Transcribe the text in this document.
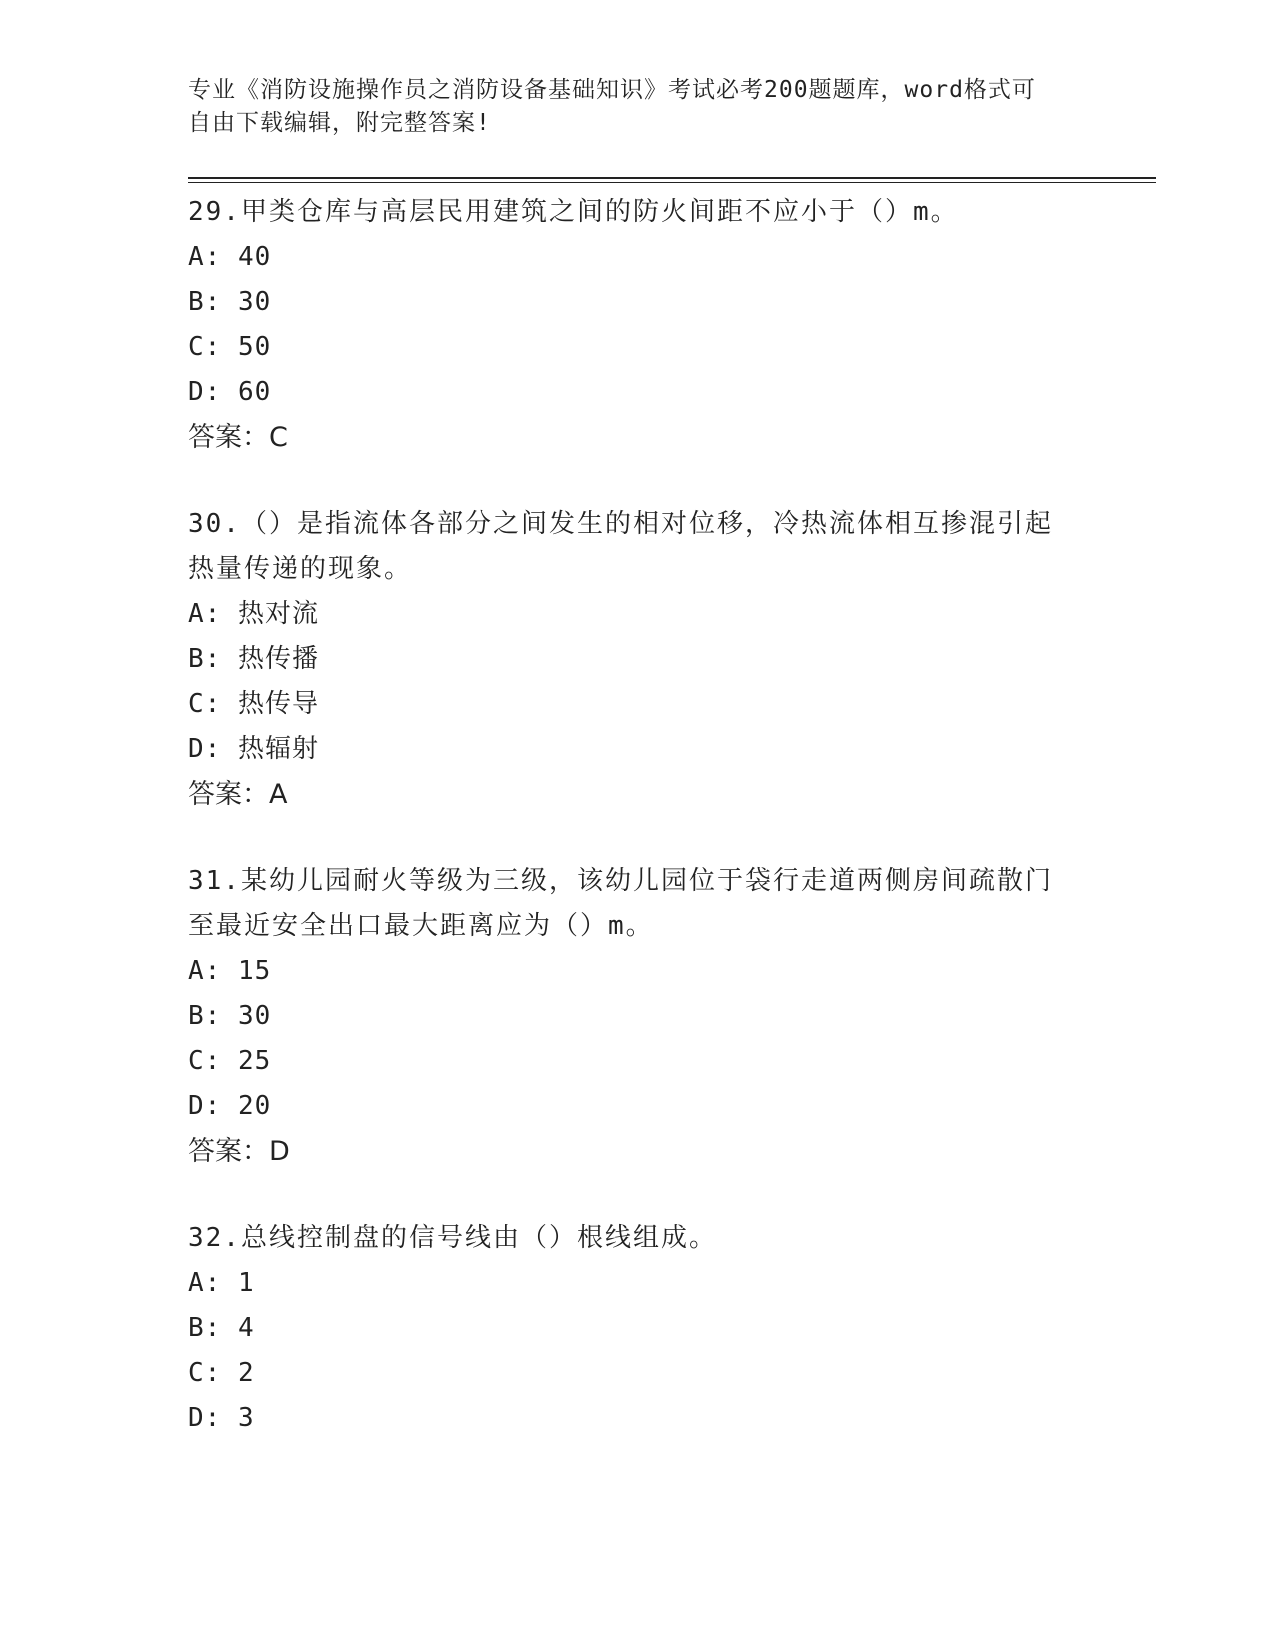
专业《消防设施操作员之消防设备基础知识》考试必考200题题库，word格式可
自由下载编辑，附完整答案!

29.甲类仓库与高层民用建筑之间的防火间距不应小于（）m。

A: 40

B: 30

C: 50

D: 60

答案：C

30.（）是指流体各部分之间发生的相对位移，冷热流体相互掺混引起

热量传递的现象。

A: 热对流

B: 热传播

C: 热传导

D: 热辐射

答案：A

31.某幼儿园耐火等级为三级，该幼儿园位于袋行走道两侧房间疏散门

至最近安全出口最大距离应为（）m。

A: 15

B: 30

C: 25

D: 20

答案：D

32.总线控制盘的信号线由（）根线组成。

A: 1

B: 4

C: 2

D: 3
